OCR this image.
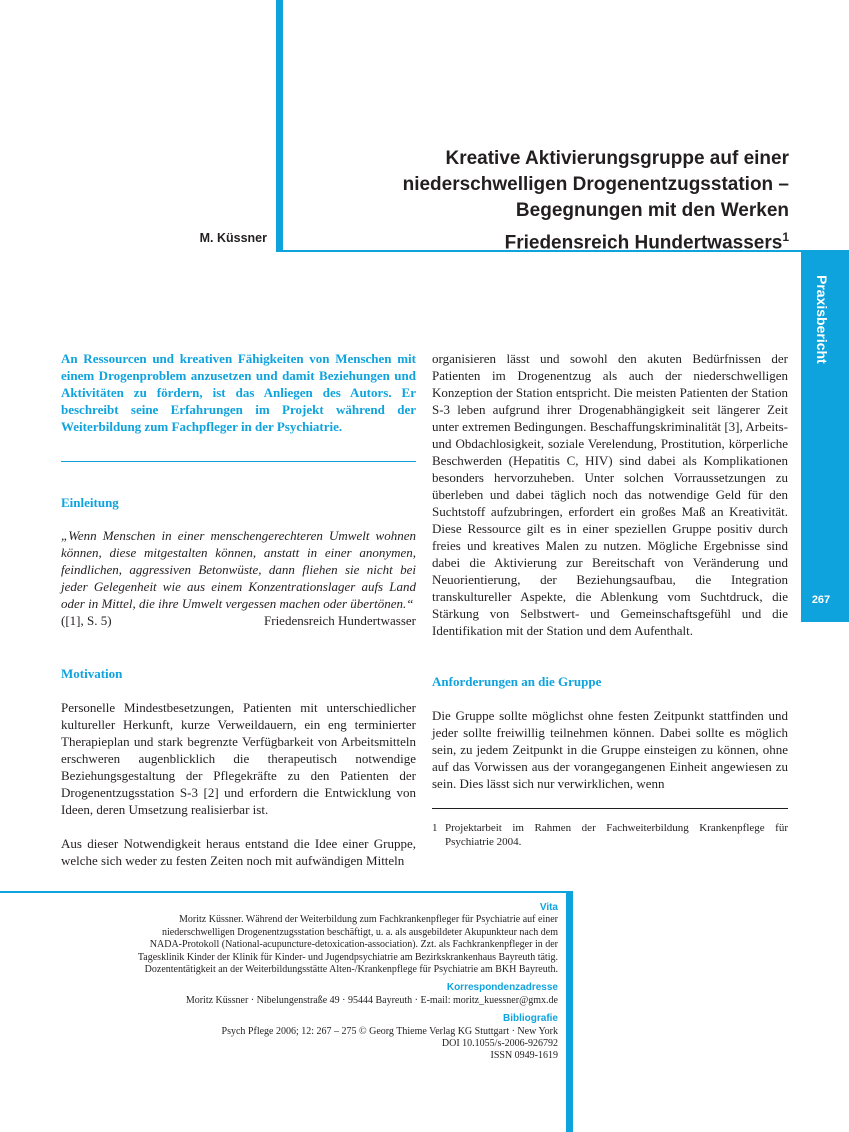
M. Küssner
Kreative Aktivierungsgruppe auf einer
niederschwelligen Drogenentzugsstation –
Begegnungen mit den Werken
Friedensreich Hundertwassers$^1$
Praxisbericht
267

An Ressourcen und kreativen Fähigkeiten von Menschen mit einem Drogenproblem anzusetzen und damit Beziehungen und Aktivitäten zu fördern, ist das Anliegen des Autors. Er beschreibt seine Erfahrungen im Projekt während der Weiterbildung zum Fachpfleger in der Psychiatrie.

Einleitung

„Wenn Menschen in einer menschengerechteren Umwelt wohnen können, diese mitgestalten können, anstatt in einer anonymen, feindlichen, aggressiven Betonwüste, dann fliehen sie nicht bei jeder Gelegenheit wie aus einem Konzentrationslager aufs Land oder in Mittel, die ihre Umwelt vergessen machen oder übertönen.“

([1], S. 5)	Friedensreich Hundertwasser

Motivation

Personelle Mindestbesetzungen, Patienten mit unterschiedlicher kultureller Herkunft, kurze Verweildauern, ein eng terminierter Therapieplan und stark begrenzte Verfügbarkeit von Arbeitsmitteln erschweren augenblicklich die therapeutisch notwendige Beziehungsgestaltung der Pflegekräfte zu den Patienten der Drogenentzugsstation S-3 [2] und erfordern die Entwicklung von Ideen, deren Umsetzung realisierbar ist.

Aus dieser Notwendigkeit heraus entstand die Idee einer Gruppe, welche sich weder zu festen Zeiten noch mit aufwändigen Mitteln

organisieren lässt und sowohl den akuten Bedürfnissen der Patienten im Drogenentzug als auch der niederschwelligen Konzeption der Station entspricht. Die meisten Patienten der Station S-3 leben aufgrund ihrer Drogenabhängigkeit seit längerer Zeit unter extremen Bedingungen. Beschaffungskriminalität [3], Arbeits- und Obdachlosigkeit, soziale Verelendung, Prostitution, körperliche Beschwerden (Hepatitis C, HIV) sind dabei als Komplikationen besonders hervorzuheben. Unter solchen Vorraussetzungen zu überleben und dabei täglich noch das notwendige Geld für den Suchtstoff aufzubringen, erfordert ein großes Maß an Kreativität. Diese Ressource gilt es in einer speziellen Gruppe positiv durch freies und kreatives Malen zu nutzen. Mögliche Ergebnisse sind dabei die Aktivierung zur Bereitschaft von Veränderung und Neuorientierung, der Beziehungsaufbau, die Integration transkultureller Aspekte, die Ablenkung vom Suchtdruck, die Stärkung von Selbstwert- und Gemeinschaftsgefühl und die Identifikation mit der Station und dem Aufenthalt.

Anforderungen an die Gruppe

Die Gruppe sollte möglichst ohne festen Zeitpunkt stattfinden und jeder sollte freiwillig teilnehmen können. Dabei sollte es möglich sein, zu jedem Zeitpunkt in die Gruppe einsteigen zu können, ohne auf das Vorwissen aus der vorangegangenen Einheit angewiesen zu sein. Dies lässt sich nur verwirklichen, wenn

1 Projektarbeit im Rahmen der Fachweiterbildung Krankenpflege für Psychiatrie 2004.
Vita
Moritz Küssner. Während der Weiterbildung zum Fachkrankenpfleger für Psychiatrie auf einer
niederschwelligen Drogenentzugsstation beschäftigt, u. a. als ausgebildeter Akupunkteur nach dem
NADA-Protokoll (National-acupuncture-detoxication-association). Zzt. als Fachkrankenpfleger in der
Tagesklinik Kinder der Klinik für Kinder- und Jugendpsychiatrie am Bezirkskrankenhaus Bayreuth tätig.
Dozententätigkeit an der Weiterbildungsstätte Alten-/Krankenpflege für Psychiatrie am BKH Bayreuth.
Korrespondenzadresse
Moritz Küssner · Nibelungenstraße 49 · 95444 Bayreuth · E-mail: moritz_kuessner@gmx.de
Bibliografie
Psych Pflege 2006; 12: 267 – 275 © Georg Thieme Verlag KG Stuttgart · New York
DOI 10.1055/s-2006-926792
ISSN 0949-1619
